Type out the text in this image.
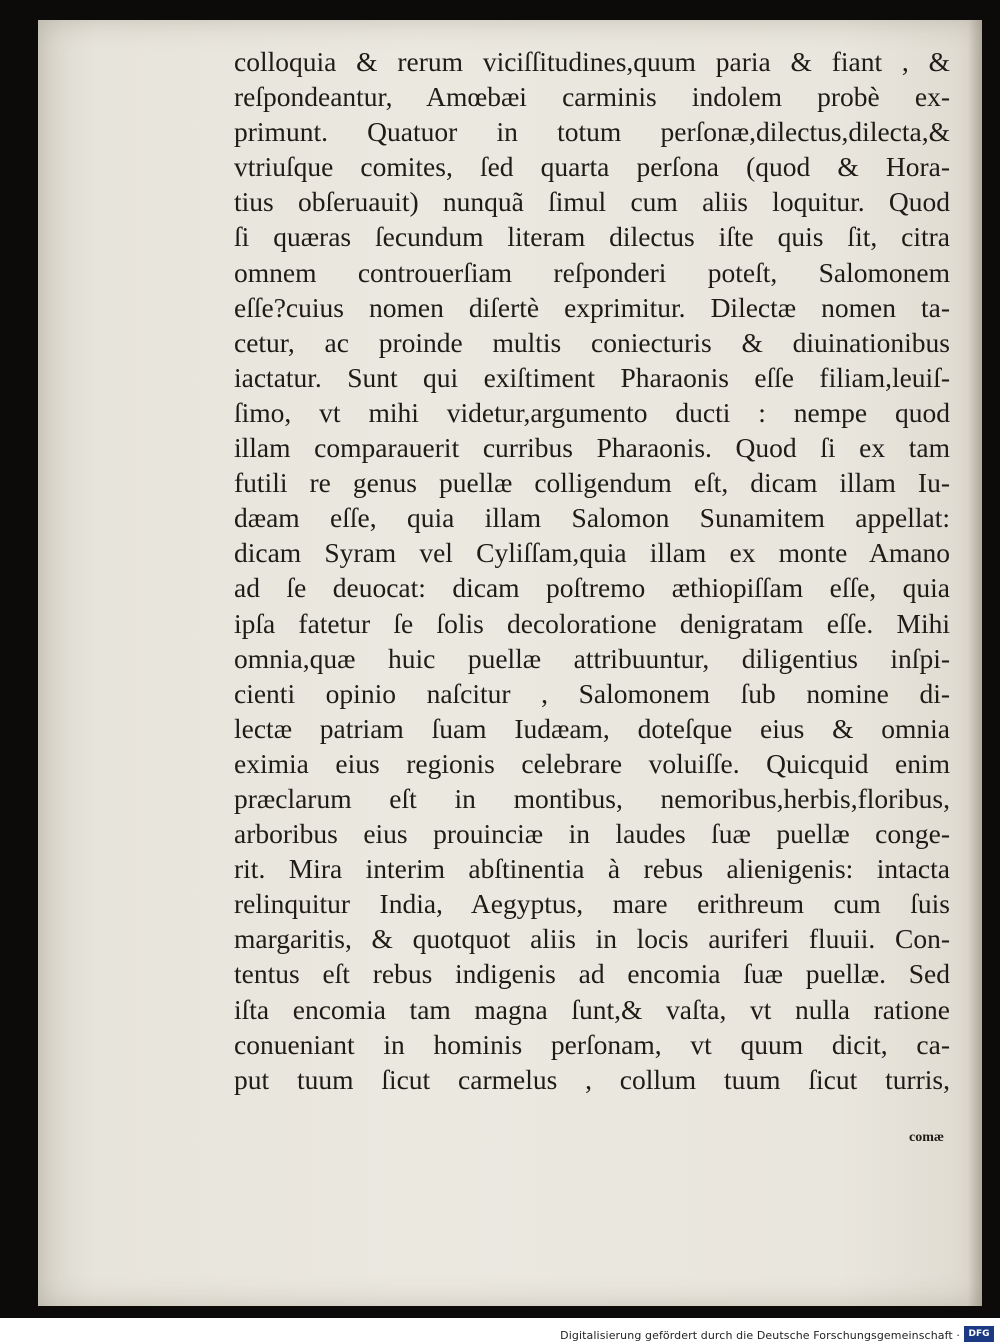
colloquia & rerum viciſſitudines,quum paria & fiant , &
reſpondeantur, Amœbæi carminis indolem probè ex-
primunt. Quatuor in totum perſonæ,dilectus,dilecta,&
vtriuſque comites, ſed quarta perſona (quod & Hora-
tius obſeruauit) nunquã ſimul cum aliis loquitur. Quod
ſi quæras ſecundum literam dilectus iſte quis ſit, citra
omnem controuerſiam reſponderi poteſt, Salomonem
eſſe?cuius nomen diſertè exprimitur. Dilectæ nomen ta-
cetur, ac proinde multis coniecturis & diuinationibus
iactatur. Sunt qui exiſtiment Pharaonis eſſe filiam,leuiſ-
ſimo, vt mihi videtur,argumento ducti : nempe quod
illam comparauerit curribus Pharaonis. Quod ſi ex tam
futili re genus puellæ colligendum eſt, dicam illam Iu-
dæam eſſe, quia illam Salomon Sunamitem appellat:
dicam Syram vel Cyliſſam,quia illam ex monte Amano
ad ſe deuocat: dicam poſtremo æthiopiſſam eſſe, quia
ipſa fatetur ſe ſolis decoloratione denigratam eſſe. Mihi
omnia,quæ huic puellæ attribuuntur, diligentius inſpi-
cienti opinio naſcitur , Salomonem ſub nomine di-
lectæ patriam ſuam Iudæam, doteſque eius & omnia
eximia eius regionis celebrare voluiſſe. Quicquid enim
præclarum eſt in montibus, nemoribus,herbis,floribus,
arboribus eius prouinciæ in laudes ſuæ puellæ conge-
rit. Mira interim abſtinentia à rebus alienigenis: intacta
relinquitur India, Aegyptus, mare erithreum cum ſuis
margaritis, & quotquot aliis in locis auriferi fluuii. Con-
tentus eſt rebus indigenis ad encomia ſuæ puellæ. Sed
iſta encomia tam magna ſunt,& vaſta, vt nulla ratione
conueniant in hominis perſonam, vt quum dicit, ca-
put tuum ſicut carmelus , collum tuum ſicut turris,
comæ
Digitalisierung gefördert durch die Deutsche Forschungsgemeinschaft · DFG
